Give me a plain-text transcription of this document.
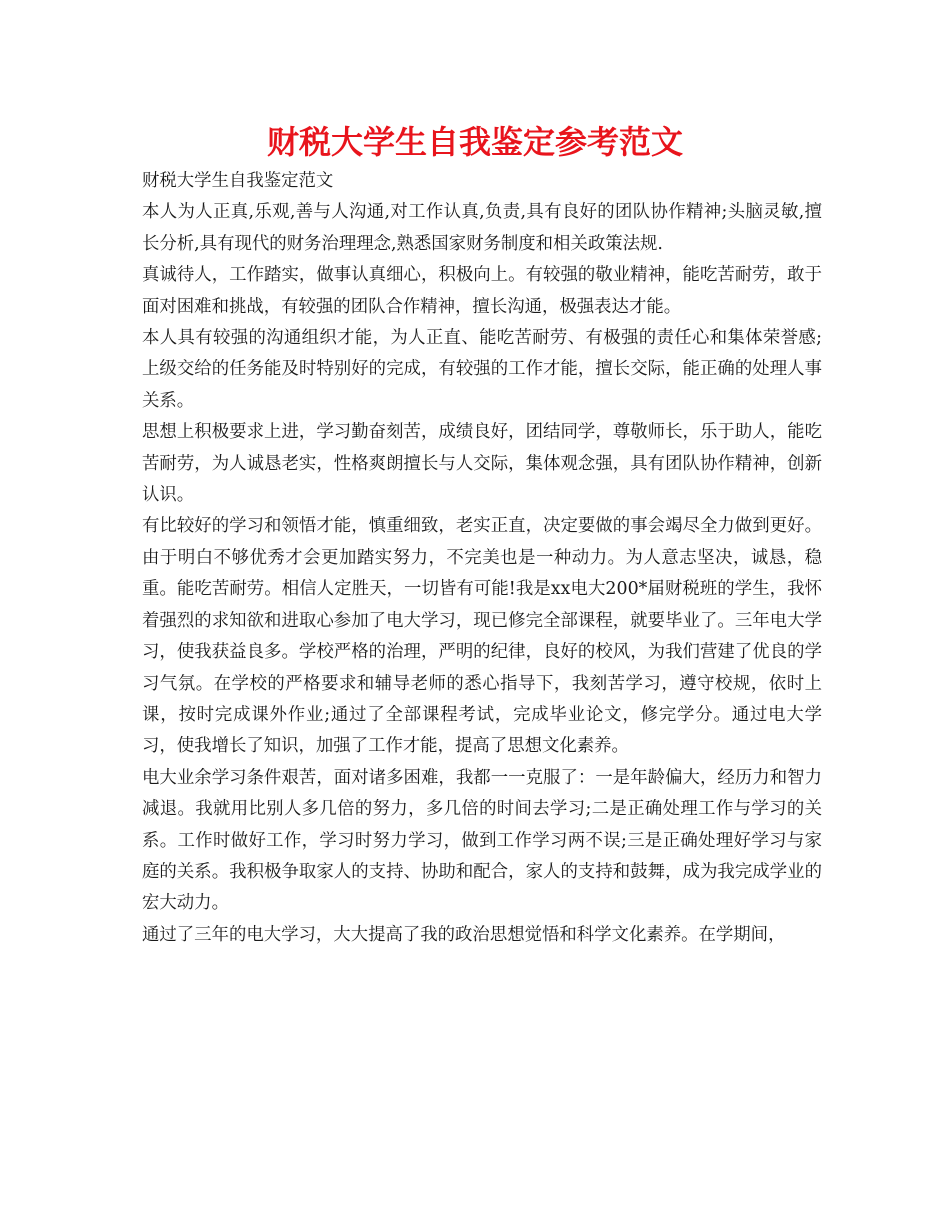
财税大学生自我鉴定参考范文

财税大学生自我鉴定范文

本人为人正真,乐观,善与人沟通,对工作认真,负责,具有良好的团队协作精神;头脑灵敏,擅长分析,具有现代的财务治理理念,熟悉国家财务制度和相关政策法规.

真诚待人，工作踏实，做事认真细心，积极向上。有较强的敬业精神，能吃苦耐劳，敢于面对困难和挑战，有较强的团队合作精神，擅长沟通，极强表达才能。

本人具有较强的沟通组织才能，为人正直、能吃苦耐劳、有极强的责任心和集体荣誉感;上级交给的任务能及时特别好的完成，有较强的工作才能，擅长交际，能正确的处理人事关系。

思想上积极要求上进，学习勤奋刻苦，成绩良好，团结同学，尊敬师长，乐于助人，能吃苦耐劳，为人诚恳老实，性格爽朗擅长与人交际，集体观念强，具有团队协作精神，创新认识。

有比较好的学习和领悟才能，慎重细致，老实正直，决定要做的事会竭尽全力做到更好。由于明白不够优秀才会更加踏实努力，不完美也是一种动力。为人意志坚决，诚恳，稳重。能吃苦耐劳。相信人定胜天，一切皆有可能!我是xx电大200*届财税班的学生，我怀着强烈的求知欲和进取心参加了电大学习，现已修完全部课程，就要毕业了。三年电大学习，使我获益良多。学校严格的治理，严明的纪律，良好的校风，为我们营建了优良的学习气氛。在学校的严格要求和辅导老师的悉心指导下，我刻苦学习，遵守校规，依时上课，按时完成课外作业;通过了全部课程考试，完成毕业论文，修完学分。通过电大学习，使我增长了知识，加强了工作才能，提高了思想文化素养。

电大业余学习条件艰苦，面对诸多困难，我都一一克服了：一是年龄偏大，经历力和智力减退。我就用比别人多几倍的努力，多几倍的时间去学习;二是正确处理工作与学习的关系。工作时做好工作，学习时努力学习，做到工作学习两不误;三是正确处理好学习与家庭的关系。我积极争取家人的支持、协助和配合，家人的支持和鼓舞，成为我完成学业的宏大动力。

通过了三年的电大学习，大大提高了我的政治思想觉悟和科学文化素养。在学期间，
